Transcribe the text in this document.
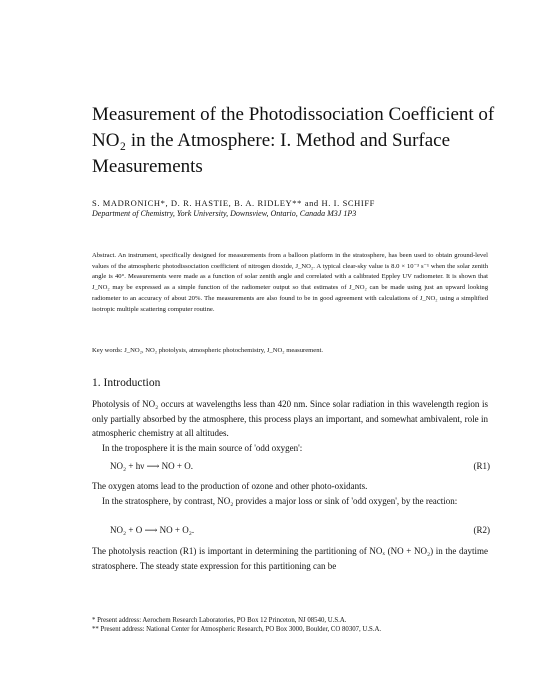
Measurement of the Photodissociation Coefficient of NO₂ in the Atmosphere: I. Method and Surface Measurements
S. MADRONICH*, D. R. HASTIE, B. A. RIDLEY** and H. I. SCHIFF
Department of Chemistry, York University, Downsview, Ontario, Canada M3J 1P3

Abstract. An instrument, specifically designed for measurements from a balloon platform in the stratosphere, has been used to obtain ground-level values of the atmospheric photodissociation coefficient of nitrogen dioxide, J_NO₂. A typical clear-sky value is 8.0 × 10⁻³ s⁻¹ when the solar zenith angle is 40°. Measurements were made as a function of solar zenith angle and correlated with a calibrated Eppley UV radiometer. It is shown that J_NO₂ may be expressed as a simple function of the radiometer output so that estimates of J_NO₂ can be made using just an upward looking radiometer to an accuracy of about 20%. The measurements are also found to be in good agreement with calculations of J_NO₂ using a simplified isotropic multiple scattering computer routine.

Key words: J_NO₂, NO₂ photolysis, atmospheric photochemistry, J_NO₂ measurement.

1. Introduction

Photolysis of NO₂ occurs at wavelengths less than 420 nm. Since solar radiation in this wavelength region is only partially absorbed by the atmosphere, this process plays an important, and somewhat ambivalent, role in atmospheric chemistry at all altitudes.

In the troposphere it is the main source of 'odd oxygen':

NO₂ + hν ⟶ NO + O.	(R1)

The oxygen atoms lead to the production of ozone and other photo-oxidants.

In the stratosphere, by contrast, NO₂ provides a major loss or sink of 'odd oxygen', by the reaction:

NO₂ + O ⟶ NO + O₂.	(R2)

The photolysis reaction (R1) is important in determining the partitioning of NOₓ (NO + NO₂) in the daytime stratosphere. The steady state expression for this partitioning can be

* Present address: Aerochem Research Laboratories, PO Box 12 Princeton, NJ 08540, U.S.A.

** Present address: National Center for Atmospheric Research, PO Box 3000, Boulder, CO 80307, U.S.A.
